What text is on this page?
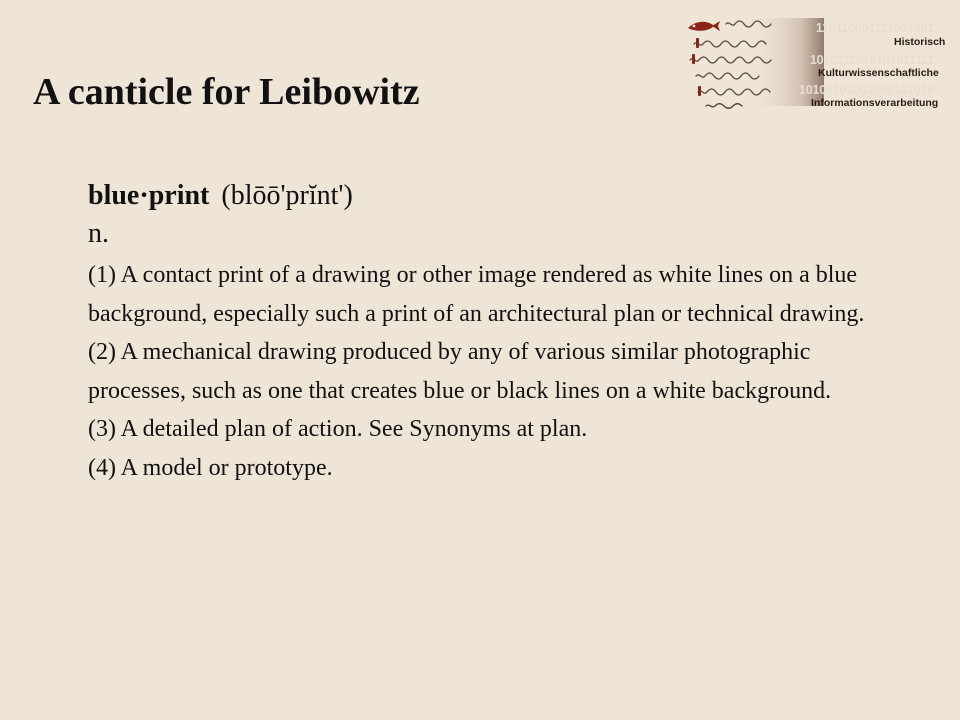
A canticle for Leibowitz
110110001111001001
1010111010101011111
10100101001000101010
Historisch
Kulturwissenschaftliche
Informationsverarbeitung
blue·print (blōō'prĭnt')
n.

(1) A contact print of a drawing or other image rendered as white lines on a blue background, especially such a print of an architectural plan or technical drawing.

(2) A mechanical drawing produced by any of various similar photographic processes, such as one that creates blue or black lines on a white background.

(3) A detailed plan of action. See Synonyms at plan.

(4) A model or prototype.
